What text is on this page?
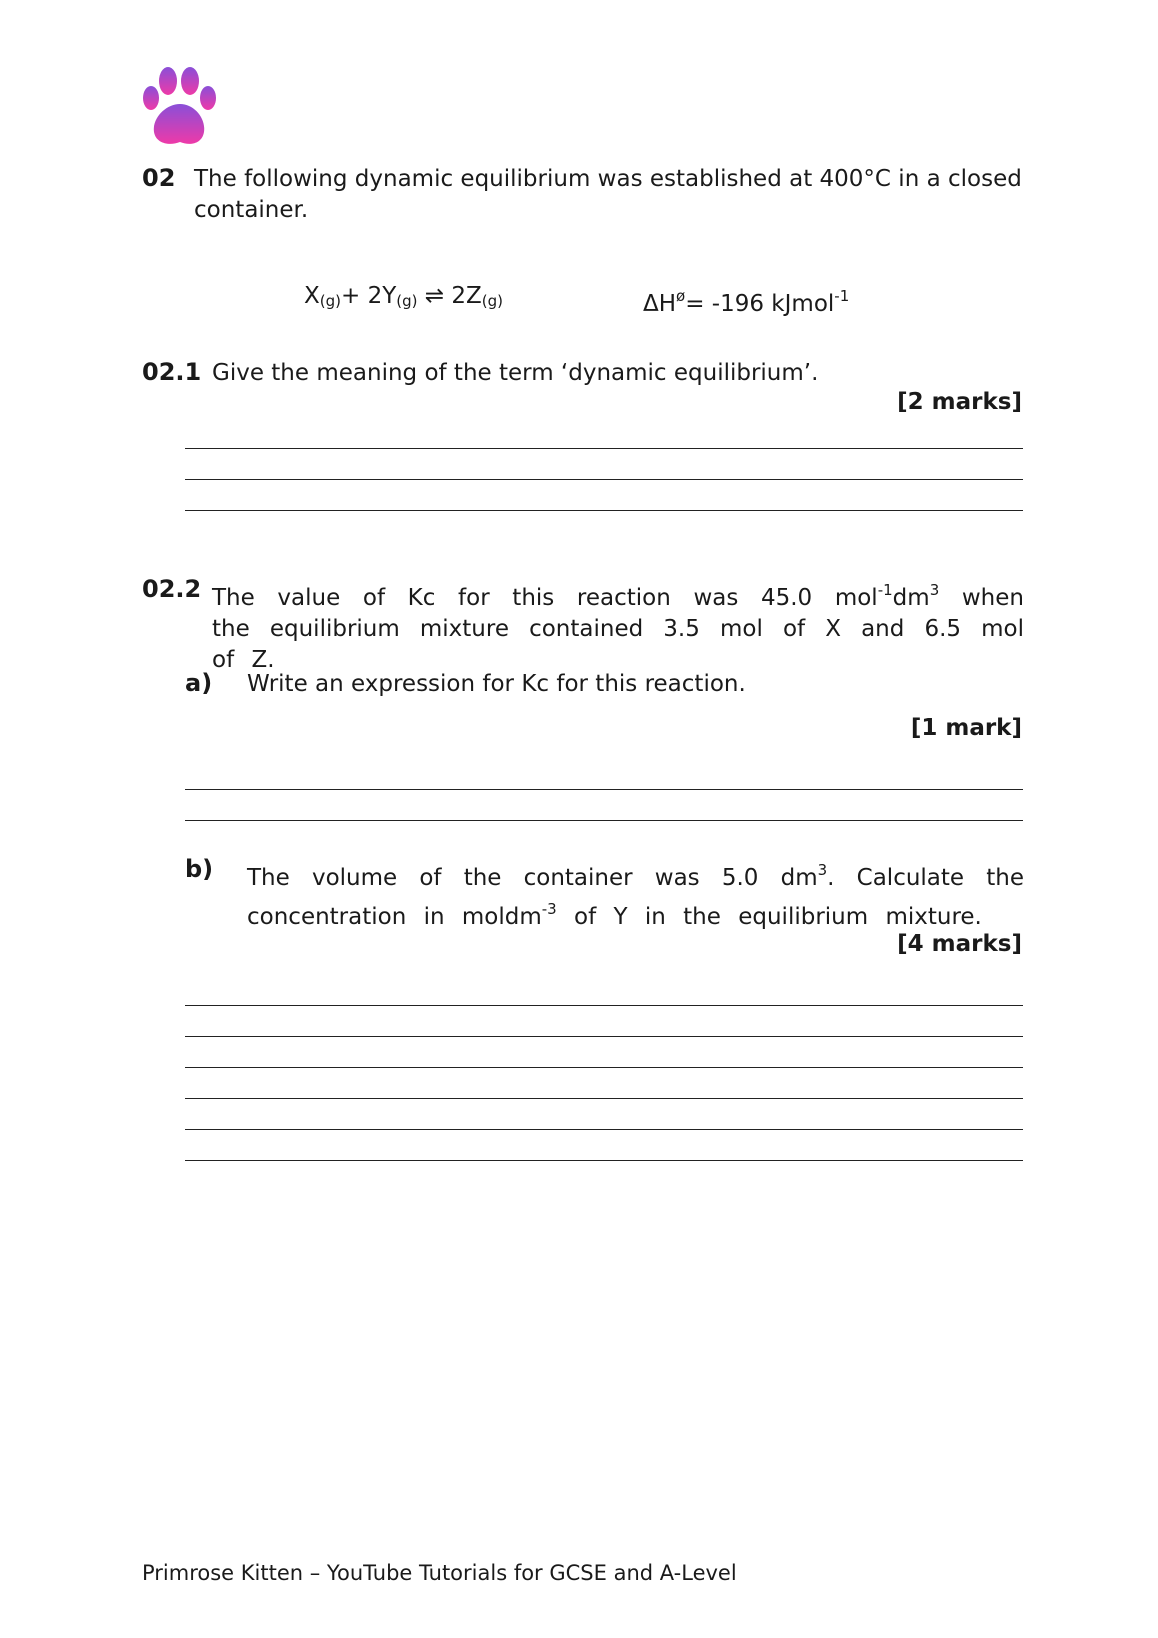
02 The following dynamic equilibrium was established at 400°C in a closed container.
$X_{(g)}+ 2Y_{(g)}$ ⇌ $2Z_{(g)}$	$\Delta H^ø= -196$ kJmol$^{-1}$
02.1 Give the meaning of the term ‘dynamic equilibrium’.
[2 marks]
02.2 The value of Kc for this reaction was 45.0 $mol^{-1}dm^3$ when the equilibrium mixture contained 3.5 mol of X and 6.5 mol of Z.
a) Write an expression for Kc for this reaction.
[1 mark]
b) The volume of the container was 5.0 $dm^3$. Calculate the concentration in moldm$^{-3}$ of Y in the equilibrium mixture.
[4 marks]
Primrose Kitten – YouTube Tutorials for GCSE and A-Level
